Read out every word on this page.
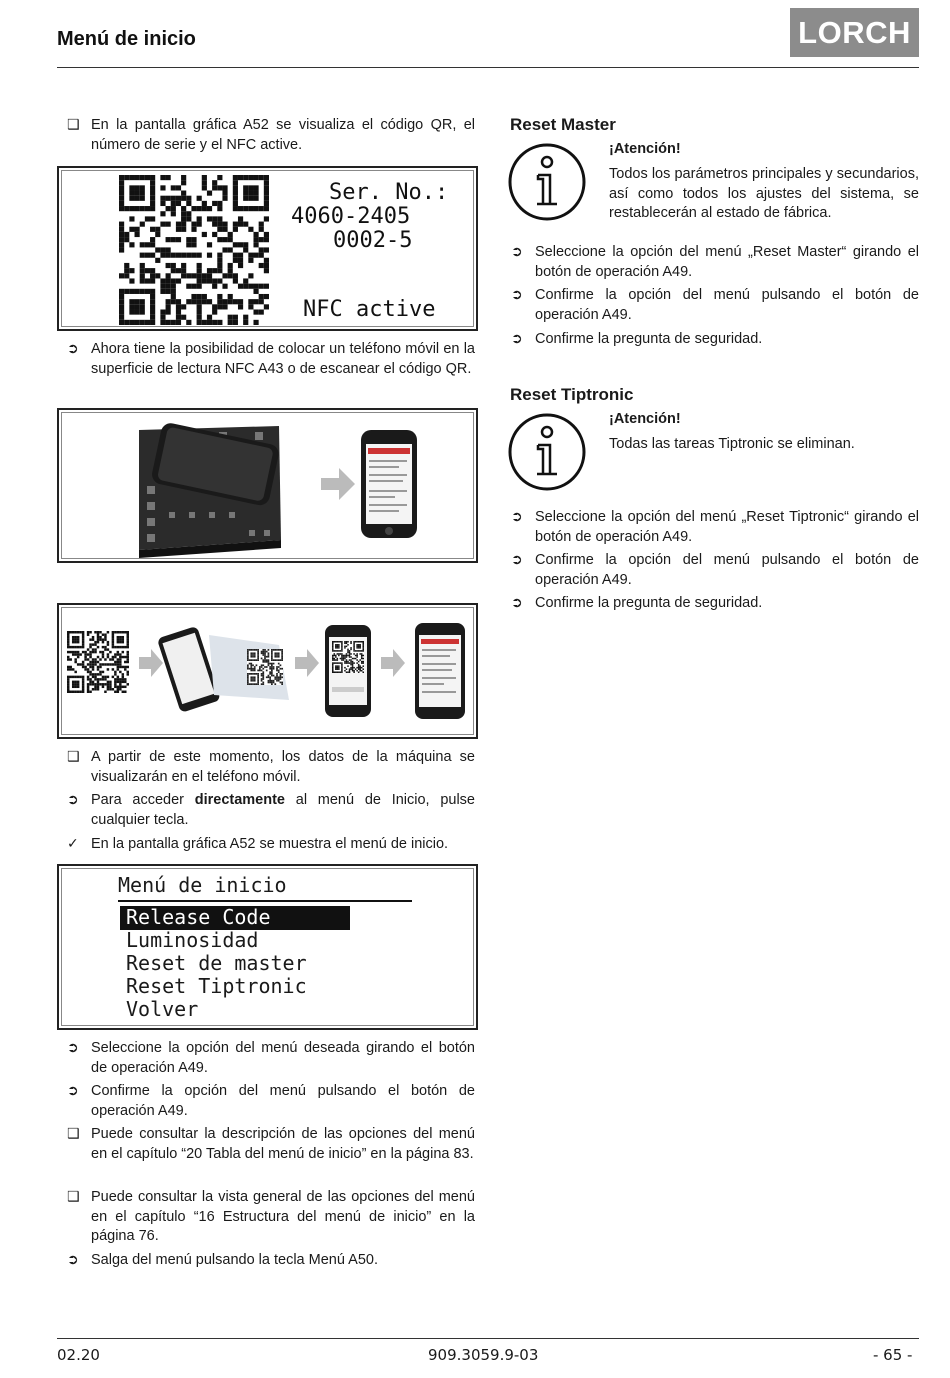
Menú de inicio	LORCH
❑ En la pantalla gráfica A52 se visualiza el código QR, el número de serie y el NFC active.
Ser. No.:
4060-2405
0002-5
NFC active
➲ Ahora tiene la posibilidad de colocar un teléfono móvil en la superficie de lectura NFC A43 o de escanear el código QR.
❑ A partir de este momento, los datos de la máquina se visualizarán en el teléfono móvil.
➲ Para acceder directamente al menú de Inicio, pulse cualquier tecla.
✓ En la pantalla gráfica A52 se muestra el menú de inicio.
Menú de inicio
Release Code
Luminosidad
Reset de master
Reset Tiptronic
Volver
➲ Seleccione la opción del menú deseada girando el botón de operación A49.
➲ Confirme la opción del menú pulsando el botón de operación A49.
❑ Puede consultar la descripción de las opciones del menú en el capítulo “20 Tabla del menú de inicio” en la página 83.
❑ Puede consultar la vista general de las opciones del menú en el capítulo “16 Estructura del menú de inicio” en la página 76.
➲ Salga del menú pulsando la tecla Menú A50.
Reset Master
¡Atención!
Todos los parámetros principales y secundarios, así como todos los ajustes del sistema, se restablecerán al estado de fábrica.
➲ Seleccione la opción del menú „Reset Master“ girando el botón de operación A49.
➲ Confirme la opción del menú pulsando el botón de operación A49.
➲ Confirme la pregunta de seguridad.
Reset Tiptronic
¡Atención!
Todas las tareas Tiptronic se eliminan.
➲ Seleccione la opción del menú „Reset Tiptronic“ girando el botón de operación A49.
➲ Confirme la opción del menú pulsando el botón de operación A49.
➲ Confirme la pregunta de seguridad.
02.20	909.3059.9-03	- 65 -
